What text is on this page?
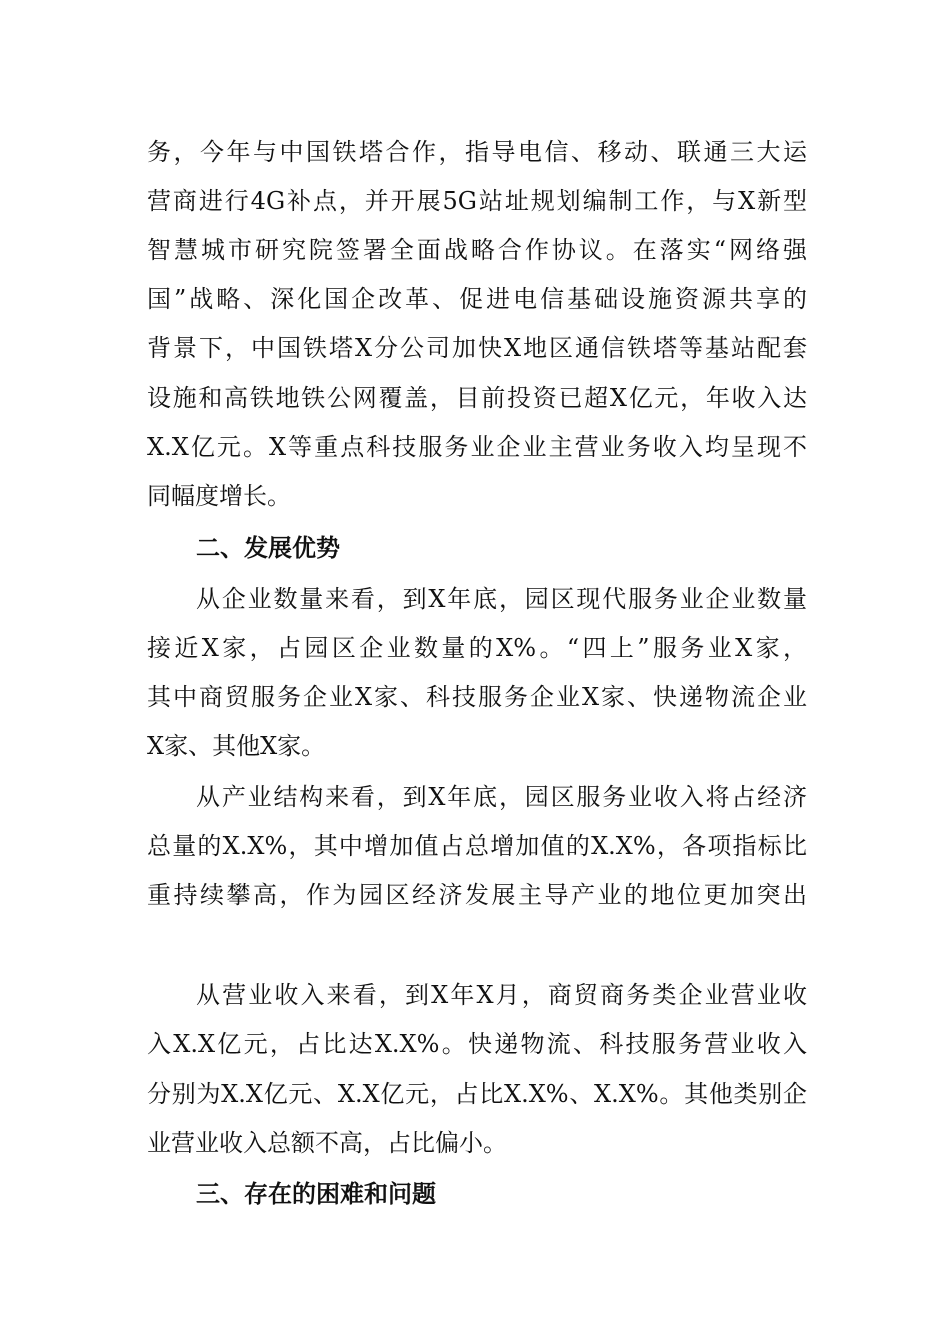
务，今年与中国铁塔合作，指导电信、移动、联通三大运
营商进行4G补点，并开展5G站址规划编制工作，与X新型
智慧城市研究院签署全面战略合作协议。在落实“网络强
国”战略、深化国企改革、促进电信基础设施资源共享的
背景下，中国铁塔X分公司加快X地区通信铁塔等基站配套
设施和高铁地铁公网覆盖，目前投资已超X亿元，年收入达
X.X亿元。X等重点科技服务业企业主营业务收入均呈现不
同幅度增长。
二、发展优势
从企业数量来看，到X年底，园区现代服务业企业数量
接近X家，占园区企业数量的X%。“四上”服务业X家，
其中商贸服务企业X家、科技服务企业X家、快递物流企业
X家、其他X家。
从产业结构来看，到X年底，园区服务业收入将占经济
总量的X.X%，其中增加值占总增加值的X.X%，各项指标比
重持续攀高，作为园区经济发展主导产业的地位更加突出
从营业收入来看，到X年X月，商贸商务类企业营业收
入X.X亿元，占比达X.X%。快递物流、科技服务营业收入
分别为X.X亿元、X.X亿元，占比X.X%、X.X%。其他类别企
业营业收入总额不高，占比偏小。
三、存在的困难和问题
